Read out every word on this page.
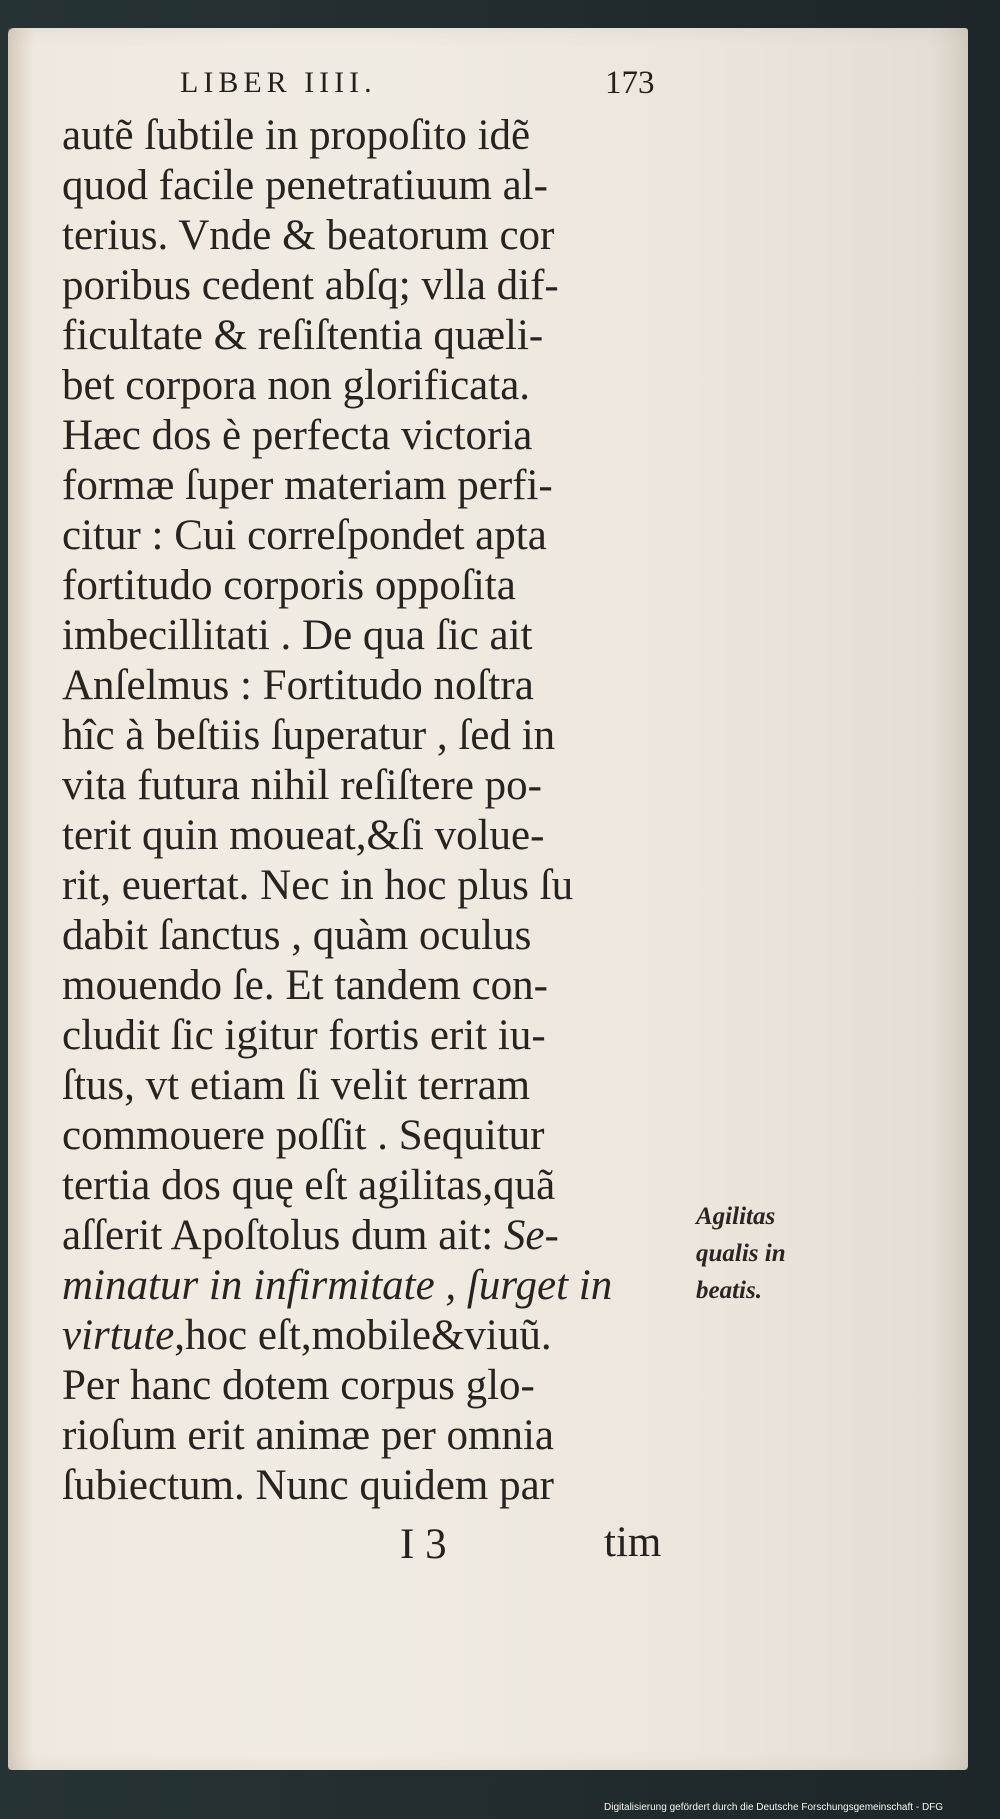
LIBER IIII.	173
autẽ ſubtile in propoſito idẽ
quod facile penetratiuum al-
terius. Vnde & beatorum cor
poribus cedent abſq; vlla dif-
ficultate & reſiſtentia quæli-
bet corpora non glorificata.
Hæc dos è perfecta victoria
formæ ſuper materiam perfi-
citur : Cui correſpondet apta
fortitudo corporis oppoſita
imbecillitati . De qua ſic ait
Anſelmus : Fortitudo noſtra
hîc à beſtiis ſuperatur , ſed in
vita futura nihil reſiſtere po-
terit quin moueat,&ſi volue-
rit, euertat. Nec in hoc plus ſu
dabit ſanctus , quàm oculus
mouendo ſe. Et tandem con-
cludit ſic igitur fortis erit iu-
ſtus, vt etiam ſi velit terram
commouere poſſit . Sequitur
tertia dos quę eſt agilitas,quã
aſſerit Apoſtolus dum ait: Se-
minatur in infirmitate , ſurget in
virtute,hoc eſt,mobile&viuũ.
Per hanc dotem corpus glo-
rioſum erit animæ per omnia
ſubiectum. Nunc quidem par
Agilitas
qualis in
beatis.
I 3	tim
Digitalisierung gefördert durch die Deutsche Forschungsgemeinschaft - DFG
